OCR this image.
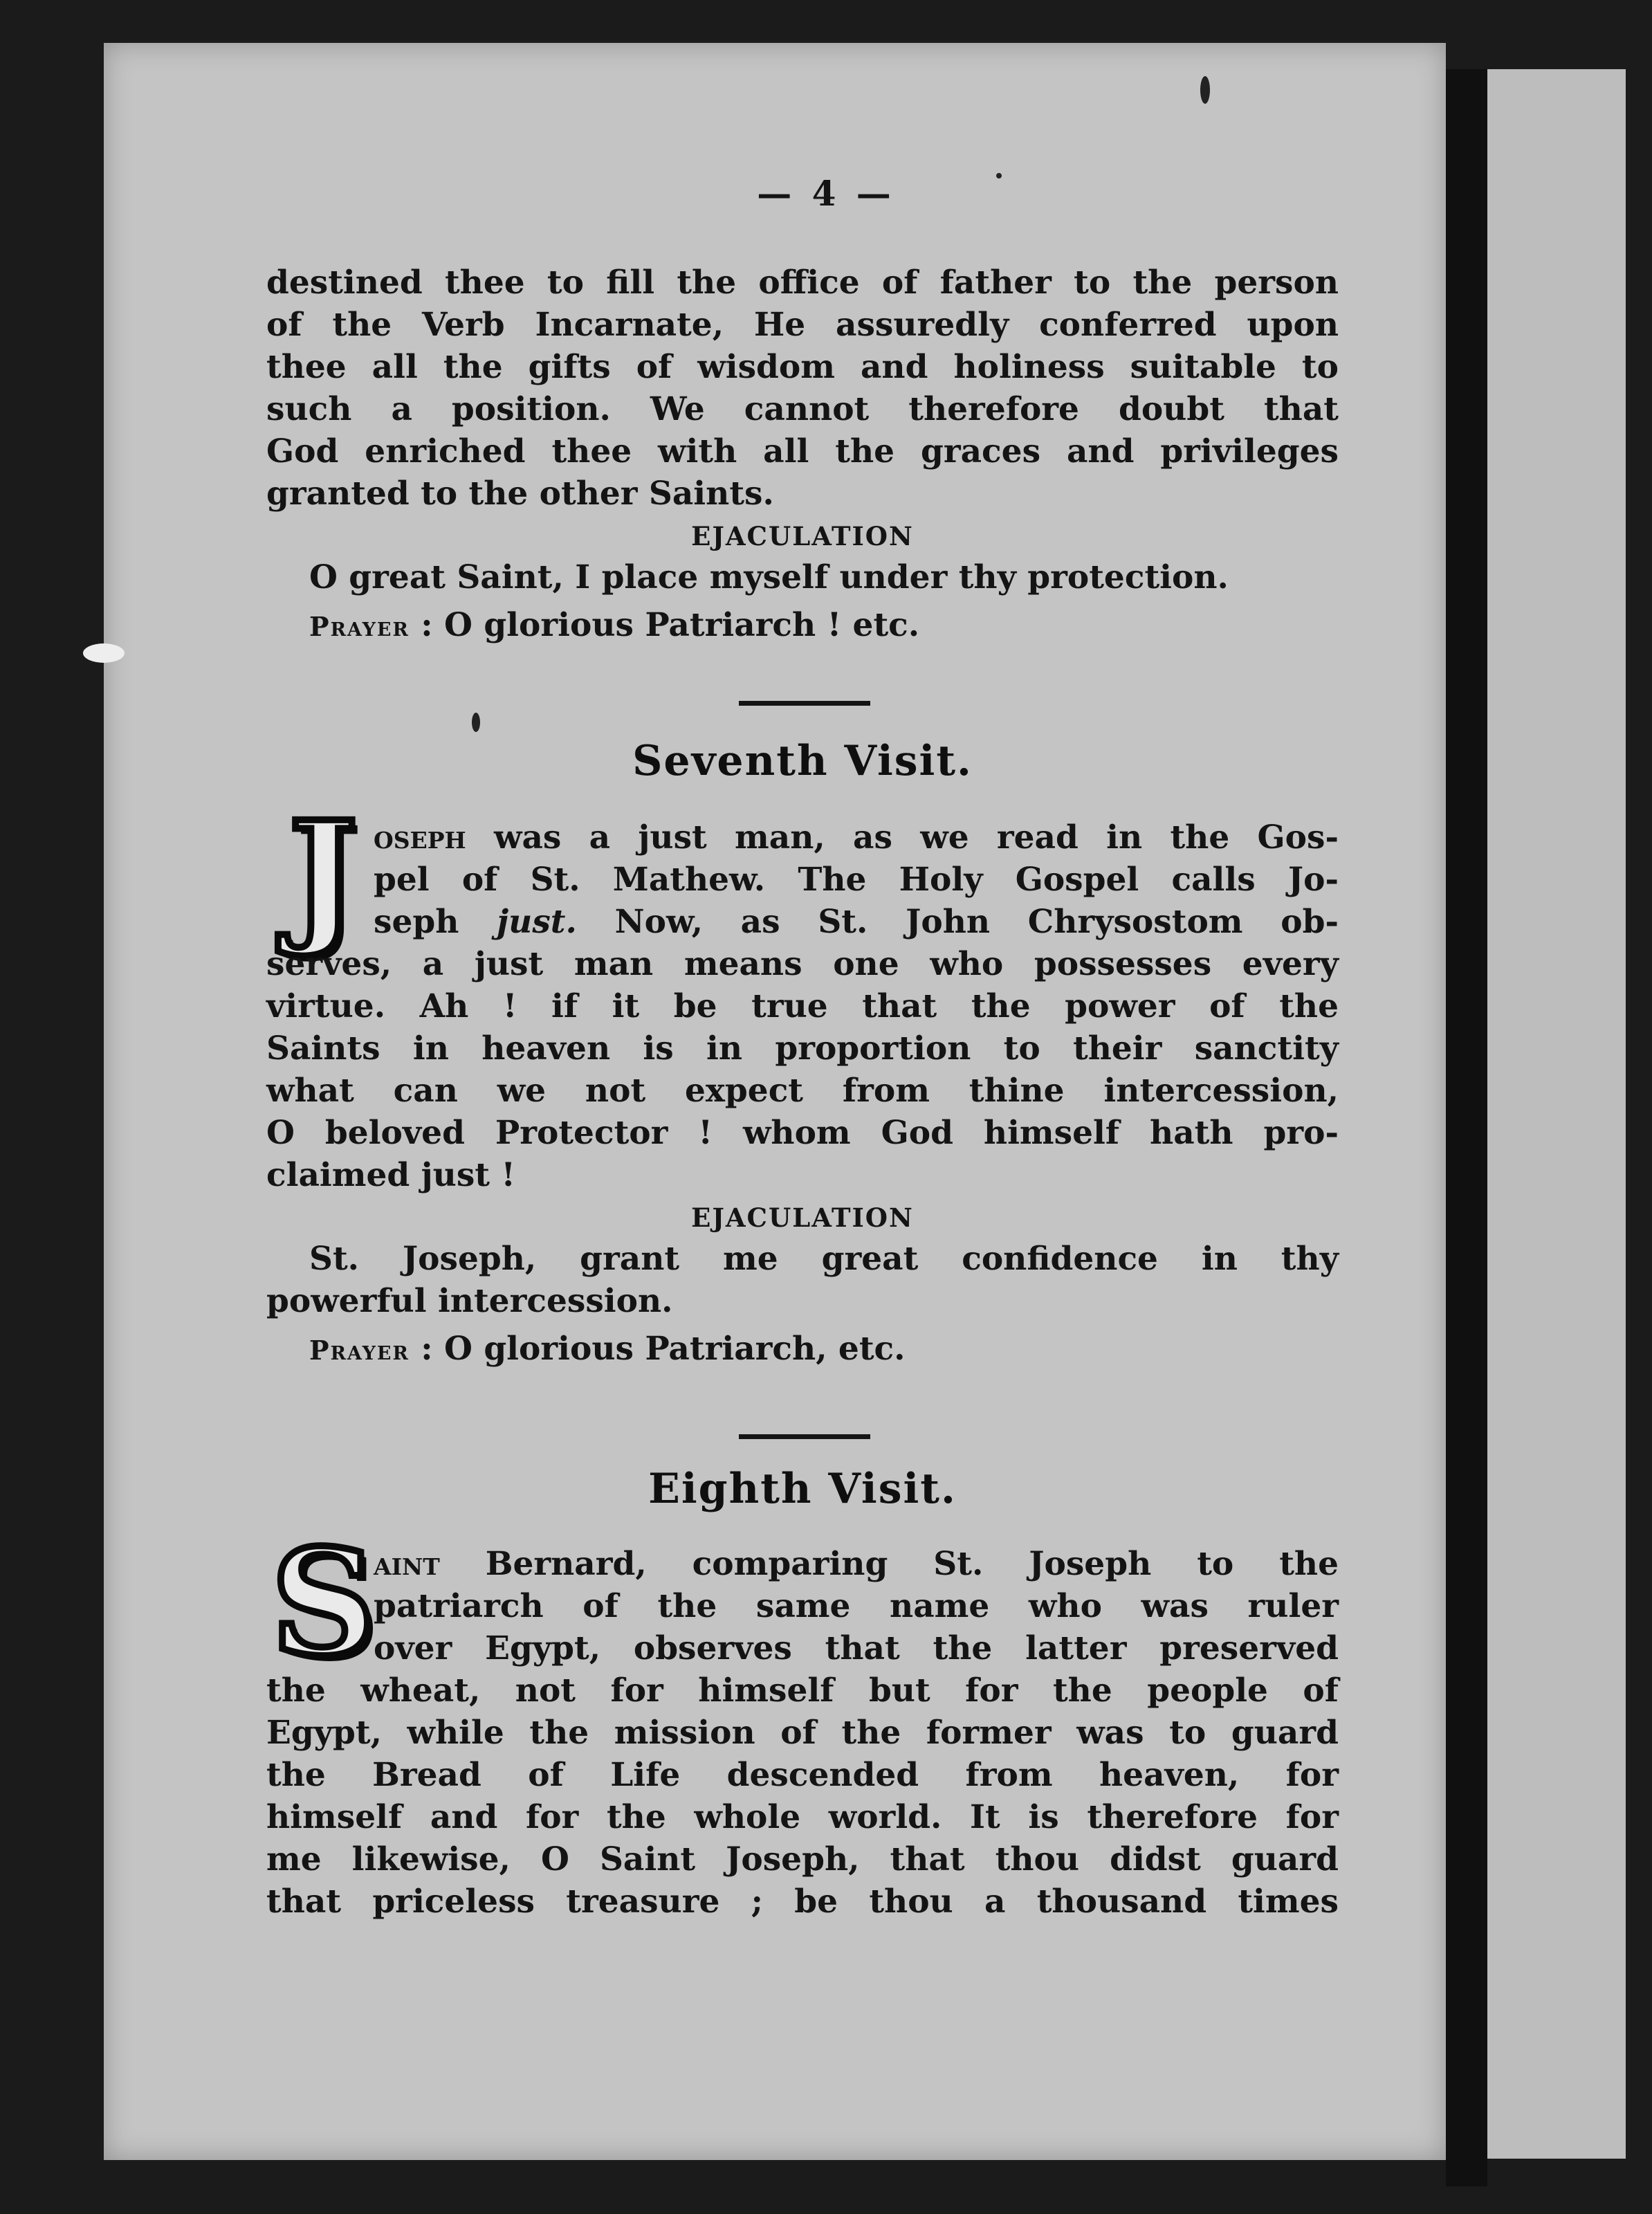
— 4 —

destined thee to fill the office of father to the person
of the Verb Incarnate, He assuredly conferred upon
thee all the gifts of wisdom and holiness suitable to
such a position. We cannot therefore doubt that
God enriched thee with all the graces and privileges
granted to the other Saints.

EJACULATION

O great Saint, I place myself under thy protection.

Prayer : O glorious Patriarch ! etc.

Seventh Visit.
J oseph was a just man, as we read in the Gos-
pel of St. Mathew. The Holy Gospel calls Jo-
seph just. Now, as St. John Chrysostom ob-
serves, a just man means one who possesses every
virtue. Ah ! if it be true that the power of the
Saints in heaven is in proportion to their sanctity
what can we not expect from thine intercession,
O beloved Protector ! whom God himself hath pro-
claimed just !

EJACULATION

St. Joseph, grant me great confidence in thy
powerful intercession.

Prayer : O glorious Patriarch, etc.

Eighth Visit.
S

aint Bernard, comparing St. Joseph to the
patriarch of the same name who was ruler
over Egypt, observes that the latter preserved
the wheat, not for himself but for the people of
Egypt, while the mission of the former was to guard
the Bread of Life descended from heaven, for
himself and for the whole world. It is therefore for
me likewise, O Saint Joseph, that thou didst guard
that priceless treasure ; be thou a thousand times
